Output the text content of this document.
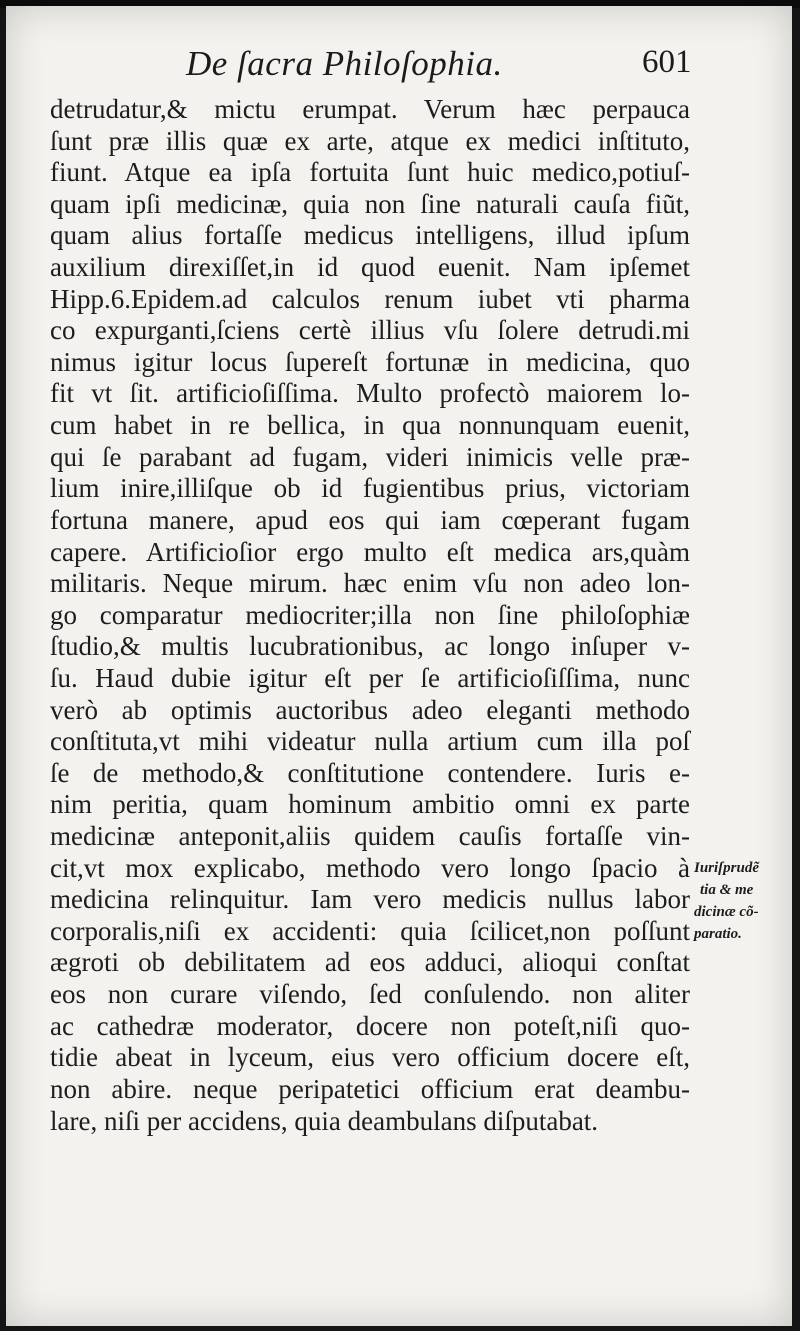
De ſacra Philoſophia.	601
detrudatur,& mictu erumpat. Verum hæc perpauca
ſunt præ illis quæ ex arte, atque ex medici inſtituto,
fiunt. Atque ea ipſa fortuita ſunt huic medico,potiuſ-
quam ipſi medicinæ, quia non ſine naturali cauſa fiũt,
quam alius fortaſſe medicus intelligens, illud ipſum
auxilium direxiſſet,in id quod euenit. Nam ipſemet
Hipp.6.Epidem.ad calculos renum iubet vti pharma
co expurganti,ſciens certè illius vſu ſolere detrudi.mi
nimus igitur locus ſupereſt fortunæ in medicina, quo
fit vt ſit. artificioſiſſima. Multo profectò maiorem lo-
cum habet in re bellica, in qua nonnunquam euenit,
qui ſe parabant ad fugam, videri inimicis velle præ-
lium inire,illiſque ob id fugientibus prius, victoriam
fortuna manere, apud eos qui iam cœperant fugam
capere. Artificioſior ergo multo eſt medica ars,quàm
militaris. Neque mirum. hæc enim vſu non adeo lon-
go comparatur mediocriter;illa non ſine philoſophiæ
ſtudio,& multis lucubrationibus, ac longo inſuper v-
ſu. Haud dubie igitur eſt per ſe artificioſiſſima, nunc
verò ab optimis auctoribus adeo eleganti methodo
conſtituta,vt mihi videatur nulla artium cum illa poſ
ſe de methodo,& conſtitutione contendere. Iuris e-
nim peritia, quam hominum ambitio omni ex parte
medicinæ anteponit,aliis quidem cauſis fortaſſe vin-
cit,vt mox explicabo, methodo vero longo ſpacio à
medicina relinquitur. Iam vero medicis nullus labor
corporalis,niſi ex accidenti: quia ſcilicet,non poſſunt
ægroti ob debilitatem ad eos adduci, alioqui conſtat
eos non curare viſendo, ſed conſulendo. non aliter
ac cathedræ moderator, docere non poteſt,niſi quo-
tidie abeat in lyceum, eius vero officium docere eſt,
non abire. neque peripatetici officium erat deambu-
lare, niſi per accidens, quia deambulans diſputabat.
Iuriſprudẽ
tia & me
dicinæ cõ-
paratio.
